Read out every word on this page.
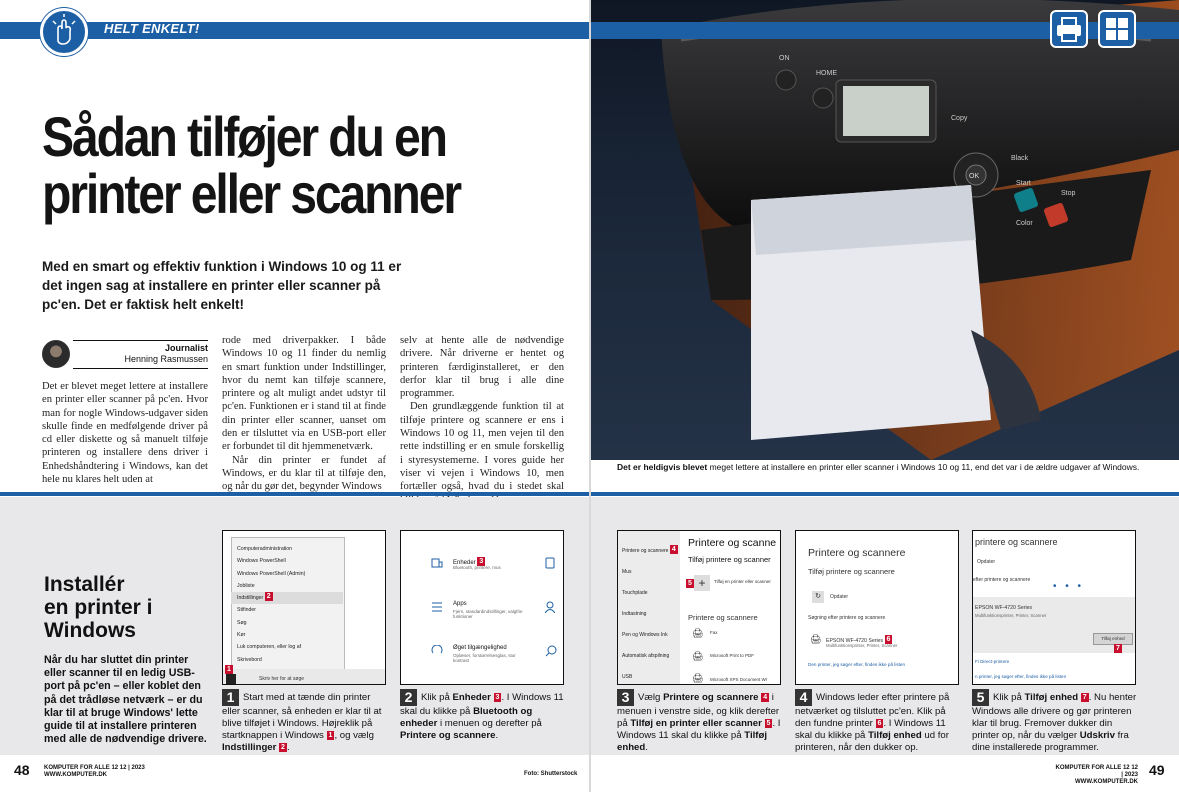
HELT ENKELT!
Sådan tilføjer du en
printer eller scanner
Med en smart og effektiv funktion i Windows 10 og 11 er det ingen sag at installere en printer eller scanner på pc'en. Det er faktisk helt enkelt!
Journalist
Henning Rasmussen

Det er blevet meget lettere at installere en printer eller scanner på pc'en. Hvor man for nogle Windows-udgaver siden skulle finde en medfølgende driver på cd eller diskette og så manuelt tilføje printeren og installere dens driver i Enhedshåndtering i Windows, kan det hele nu klares helt uden at

rode med driverpakker. I både Windows 10 og 11 finder du nemlig en smart funktion under Indstillinger, hvor du nemt kan tilføje scannere, printere og alt muligt andet udstyr til pc'en. Funktionen er i stand til at finde din printer eller scanner, uanset om den er tilsluttet via en USB-port eller er forbundet til dit hjemmenetværk.

Når din printer er fundet af Windows, er du klar til at tilføje den, og når du gør det, begynder Windows

selv at hente alle de nødvendige drivere. Når driverne er hentet og printeren færdiginstalleret, er den derfor klar til brug i alle dine programmer.

Den grundlæggende funktion til at tilføje printere og scannere er ens i Windows 10 og 11, men vejen til den rette indstilling er en smule forskellig i styresystemerne. I vores guide her viser vi vejen i Windows 10, men fortæller også, hvad du i stedet skal

ON
HOME
Copy
OK
Black
Start
Stop
Color
Det er heldigvis blevet meget lettere at installere en printer eller scanner i Windows 10 og 11, end det var i de ældre udgaver af Windows.
Installér
en printer i
Windows
Når du har sluttet din printer eller scanner til en ledig USB-port på pc'en – eller koblet den på det trådløse netværk – er du klar til at bruge Windows' lette guide til at installere printeren med alle de nødvendige drivere.
Computeradministration
Windows PowerShell
Windows PowerShell (Admin)
Jobliste
Indstillinger 2
Stifinder
Søg
Kør
Luk computeren, eller log af
Skrivebord
1
Skriv her for at søge
Enheder 3
Bluetooth, printere, mus
Apps
Fjern, standardindstillinger, valgfrie funktioner
Øget tilgængelighed
Oplæser, forstørrelsesglas, stor kontrast
Printere og scannere 4
Mus
Touchplade
Indtastning
Pen og Windows Ink
Automatisk afspilning
USB
Printere og scanne
Tilføj printere og scanner
5 +	Tilføj en printer eller scanner
Printere og scannere
🖨 Fax
🖨 Microsoft Print to PDF
🖨 Microsoft XPS Document Wr
Printere og scannere
Tilføj printere og scannere
↻	Opdater
Søgning efter printere og scannere
🖨 EPSON WF-4720 Series 6
Multifunktionsprinter, Printer, Scanner
Den printer, jeg søger efter, findes ikke på listen
printere og scannere
Opdater
efter printere og scannere
• • •
EPSON WF-4720 Series
Multifunktionsprinter, Printer, Scanner
Tilføj enhed
7
Fi Direct-printere
n printer, jeg søger efter, findes ikke på listen
1 Start med at tænde din printer eller scanner, så enheden er klar til at blive tilføjet i Windows. Højreklik på startknappen i Windows 1 , og vælg Indstillinger 2 .
2 Klik på Enheder 3 . I Windows 11 skal du klikke på Bluetooth og enheder i menuen og derefter på Printere og scannere.
3 Vælg Printere og scannere 4 i menuen i venstre side, og klik derefter på Tilføj en printer eller scanner 5 . I Windows 11 skal du klikke på Tilføj enhed.
4 Windows leder efter printere på netværket og tilsluttet pc'en. Klik på den fundne printer 6 . I Windows 11 skal du klikke på Tilføj enhed ud for printeren, når den dukker op.
5 Klik på Tilføj enhed 7 . Nu henter Windows alle drivere og gør printeren klar til brug. Fremover dukker din printer op, når du vælger Udskriv fra dine installerede programmer.
48 KOMPUTER FOR ALLE 12 12 | 2023
WWW.KOMPUTER.DK	Foto: Shutterstock
KOMPUTER FOR ALLE 12 12 | 2023
WWW.KOMPUTER.DK
49
